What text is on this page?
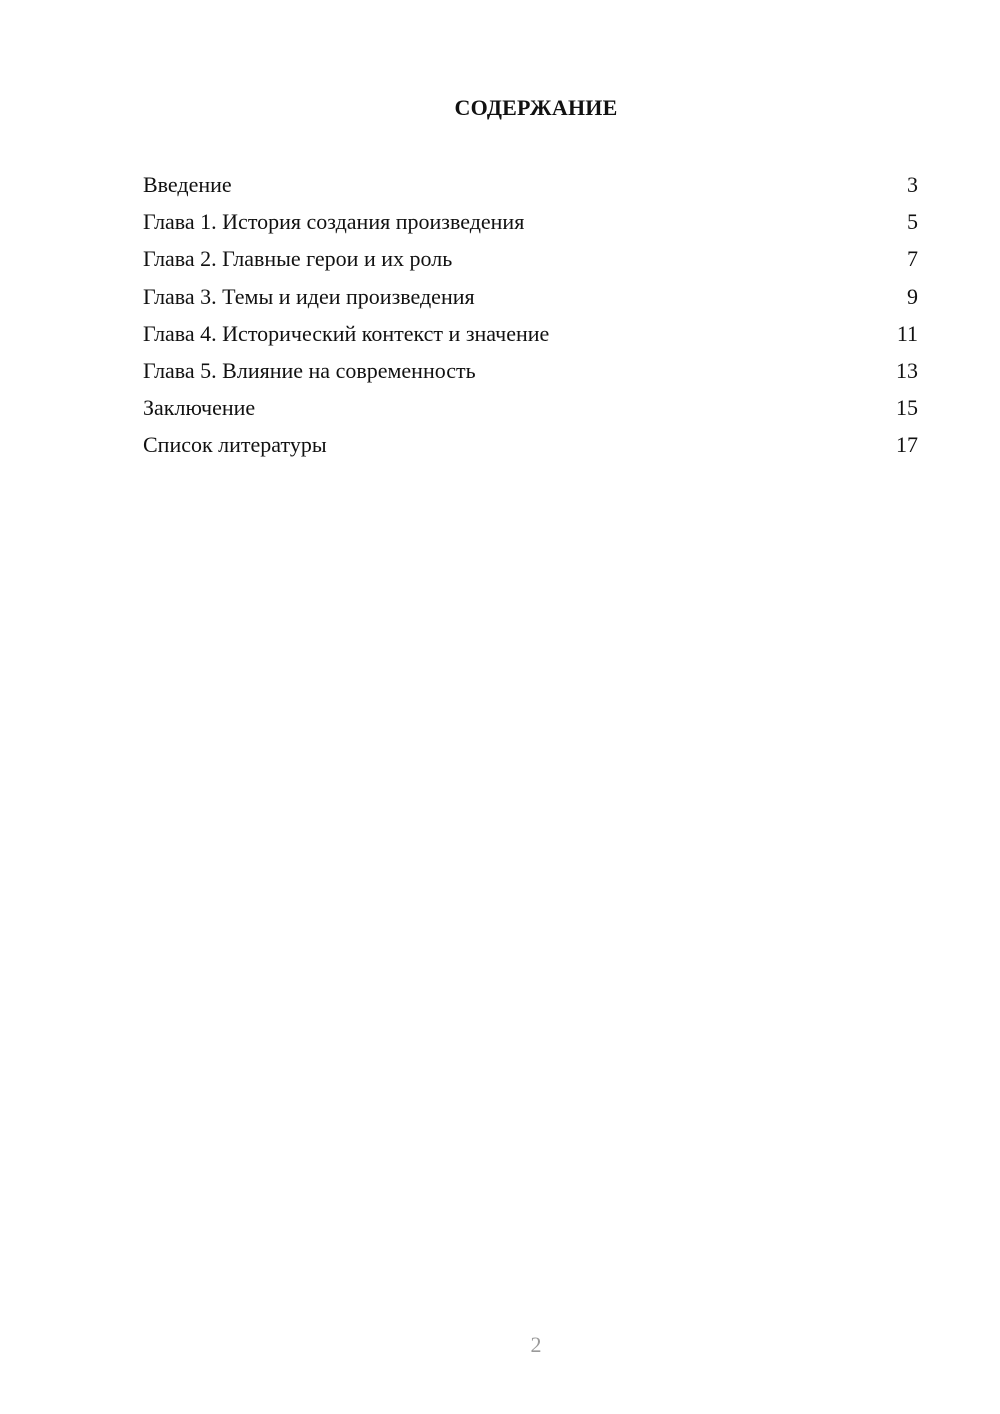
СОДЕРЖАНИЕ
Введение	3
Глава 1. История создания произведения	5
Глава 2. Главные герои и их роль	7
Глава 3. Темы и идеи произведения	9
Глава 4. Исторический контекст и значение	11
Глава 5. Влияние на современность	13
Заключение	15
Список литературы	17
2
